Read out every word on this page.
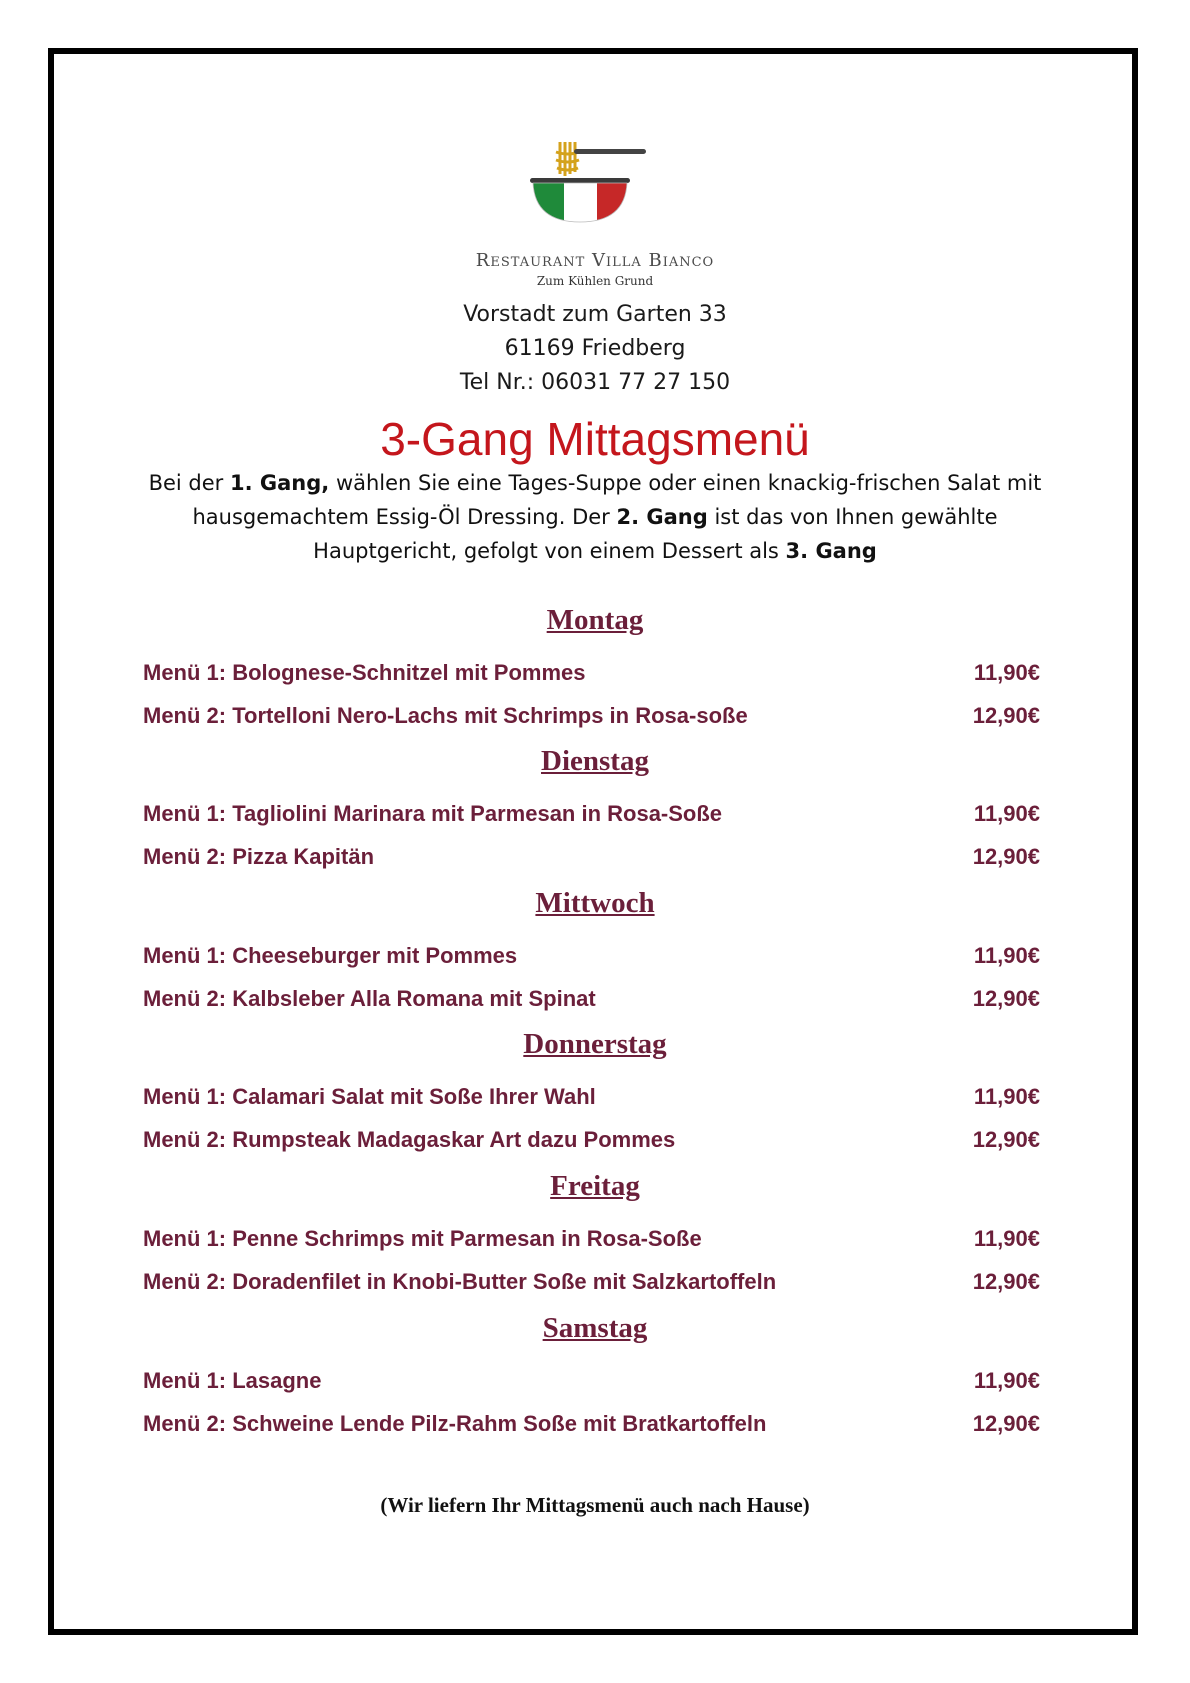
Restaurant Villa Bianco
Zum Kühlen Grund
Vorstadt zum Garten 33
61169 Friedberg
Tel Nr.: 06031 77 27 150
3-Gang Mittagsmenü
Bei der 1. Gang, wählen Sie eine Tages-Suppe oder einen knackig-frischen Salat mit hausgemachtem Essig-Öl Dressing. Der 2. Gang ist das von Ihnen gewählte Hauptgericht, gefolgt von einem Dessert als 3. Gang
Montag
Menü 1: Bolognese-Schnitzel mit Pommes	11,90€
Menü 2: Tortelloni Nero-Lachs mit Schrimps in Rosa-soße	12,90€
Dienstag
Menü 1: Tagliolini Marinara mit Parmesan in Rosa-Soße	11,90€
Menü 2: Pizza Kapitän	12,90€
Mittwoch
Menü 1: Cheeseburger mit Pommes	11,90€
Menü 2: Kalbsleber Alla Romana mit Spinat	12,90€
Donnerstag
Menü 1: Calamari Salat mit Soße Ihrer Wahl	11,90€
Menü 2: Rumpsteak Madagaskar Art dazu Pommes	12,90€
Freitag
Menü 1: Penne Schrimps mit Parmesan in Rosa-Soße	11,90€
Menü 2: Doradenfilet in Knobi-Butter Soße mit Salzkartoffeln	12,90€
Samstag
Menü 1: Lasagne	11,90€
Menü 2: Schweine Lende Pilz-Rahm Soße mit Bratkartoffeln	12,90€
(Wir liefern Ihr Mittagsmenü auch nach Hause)
